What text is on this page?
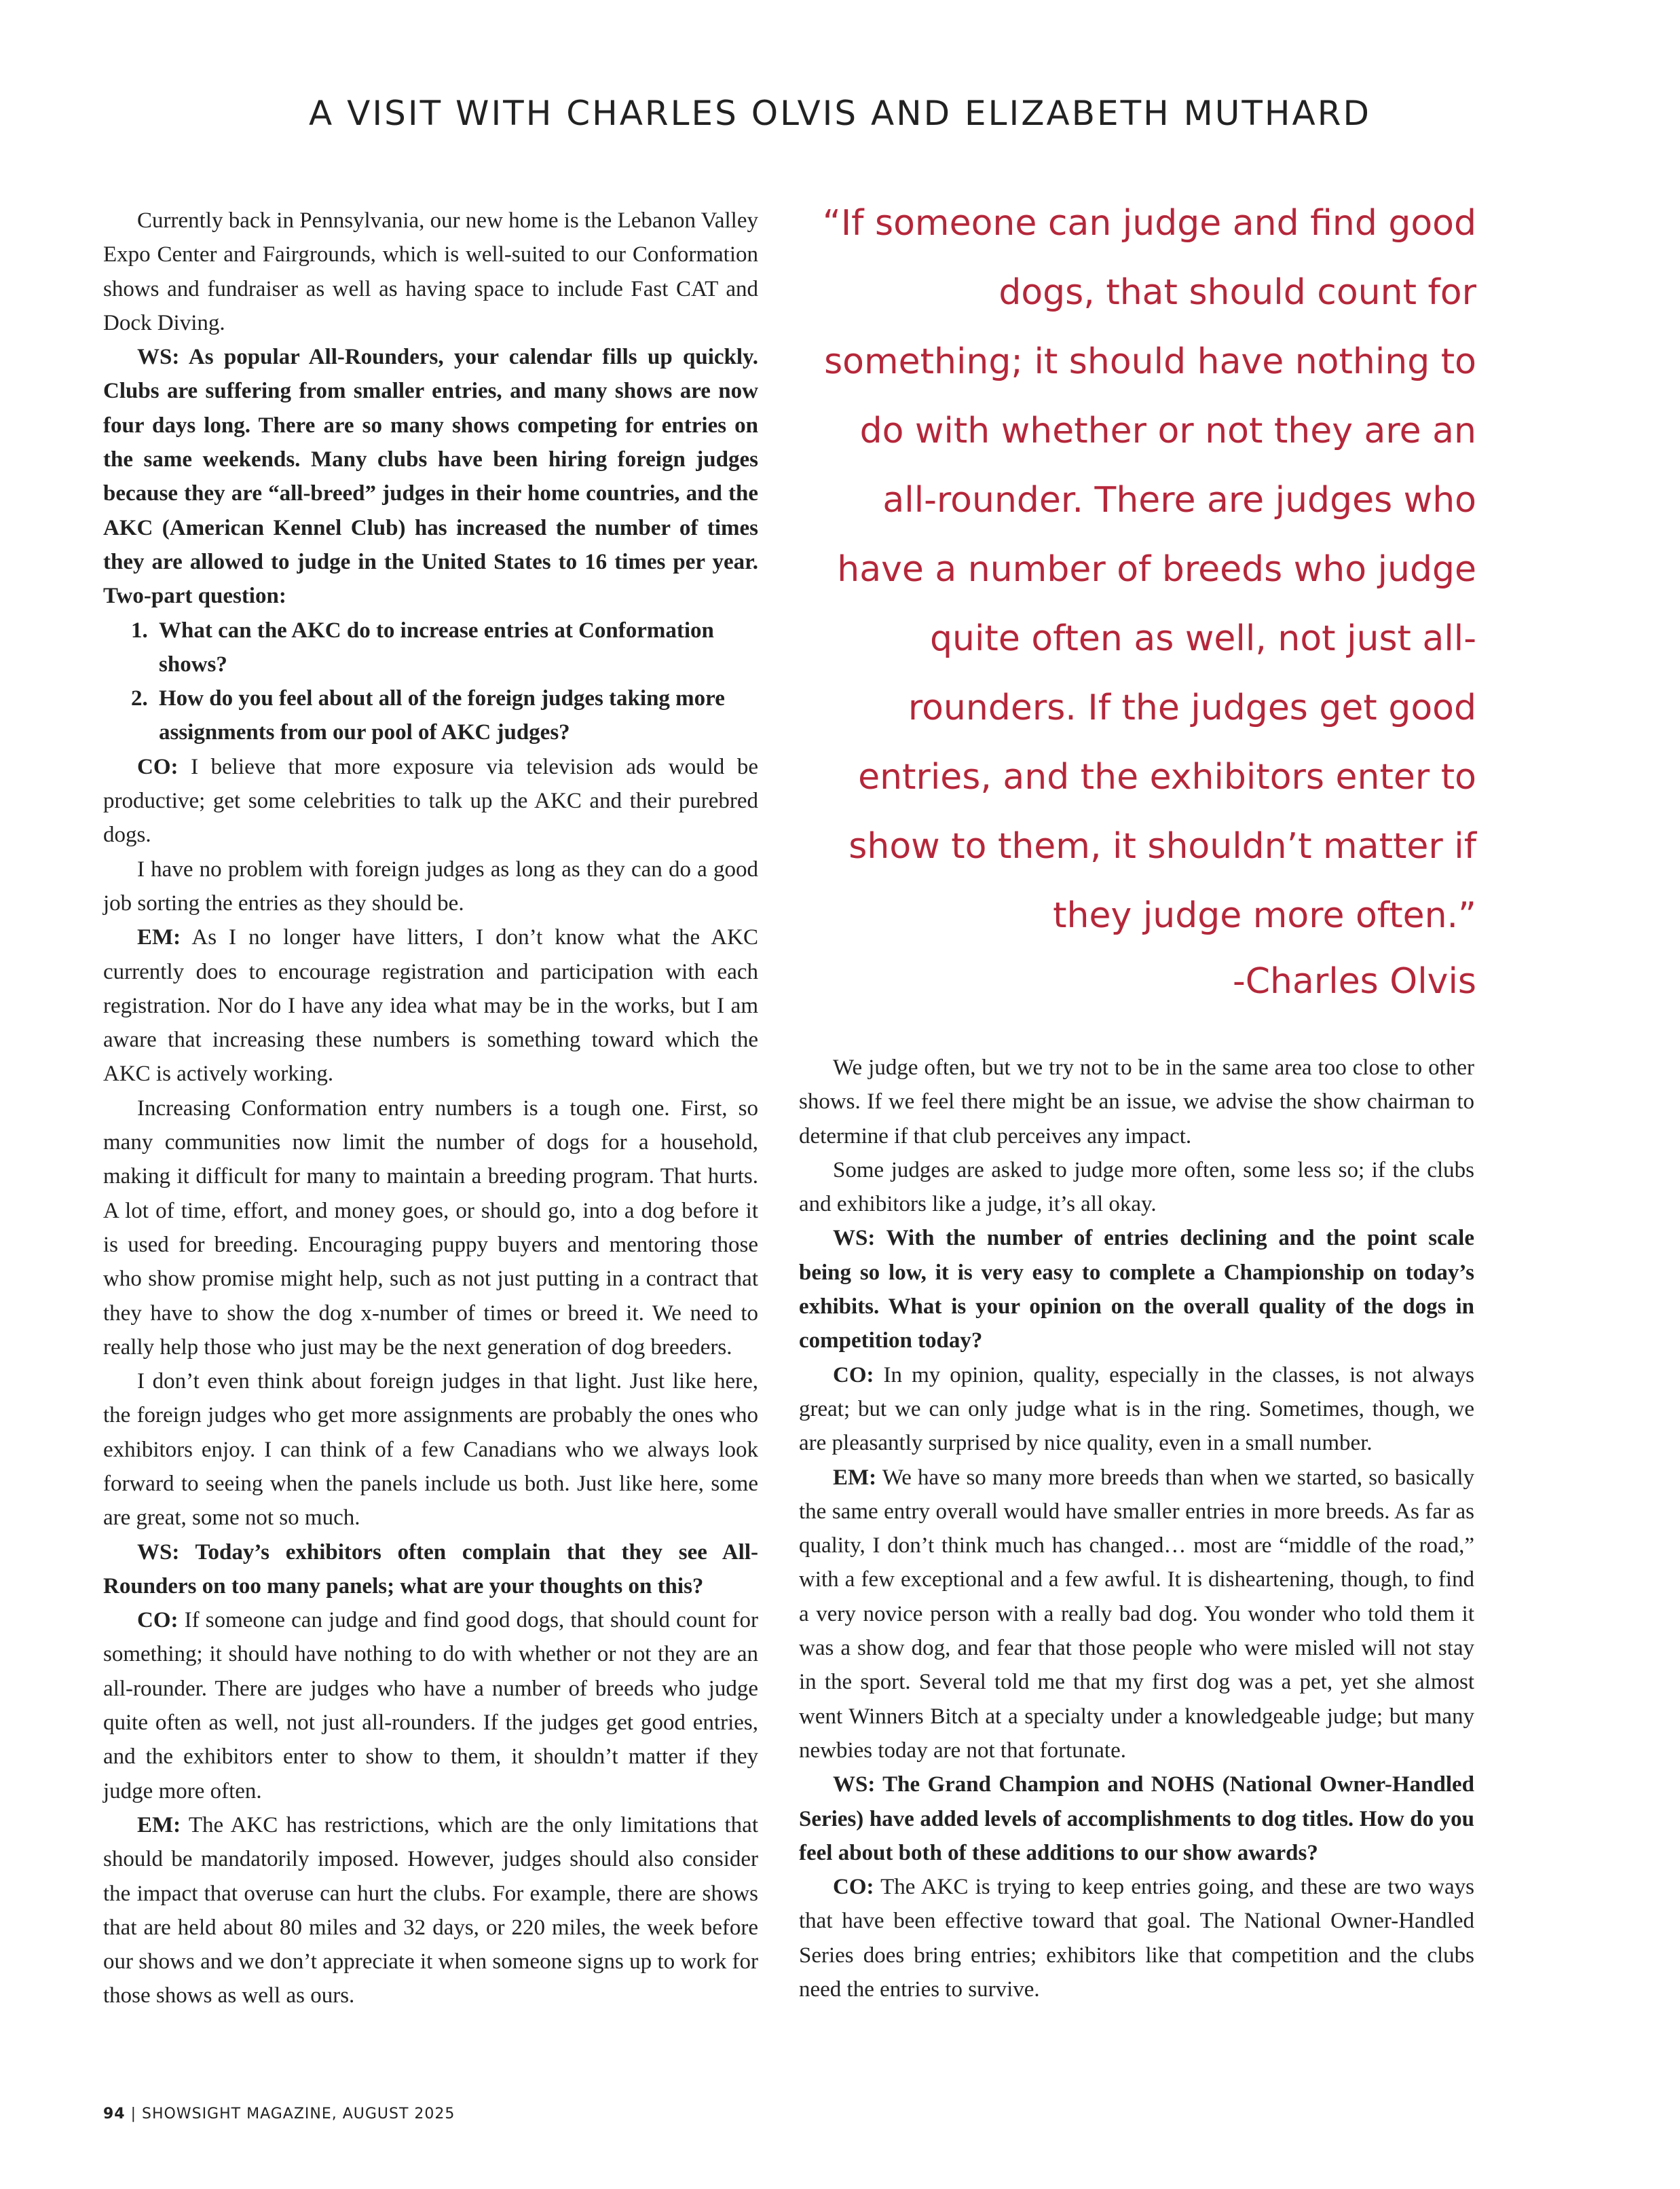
A VISIT WITH CHARLES OLVIS AND ELIZABETH MUTHARD

Currently back in Pennsylvania, our new home is the Lebanon Valley Expo Center and Fairgrounds, which is well-suited to our Conformation shows and fundraiser as well as having space to include Fast CAT and Dock Diving.

WS: As popular All-Rounders, your calendar fills up quickly. Clubs are suffering from smaller entries, and many shows are now four days long. There are so many shows competing for entries on the same weekends. Many clubs have been hiring foreign judges because they are “all-breed” judges in their home countries, and the AKC (American Kennel Club) has increased the number of times they are allowed to judge in the United States to 16 times per year. Two-part question:

1. What can the AKC do to increase entries at Conformation shows?
2. How do you feel about all of the foreign judges taking more assignments from our pool of AKC judges?

CO: I believe that more exposure via television ads would be productive; get some celebrities to talk up the AKC and their purebred dogs.

I have no problem with foreign judges as long as they can do a good job sorting the entries as they should be.

EM: As I no longer have litters, I don’t know what the AKC currently does to encourage registration and participation with each registration. Nor do I have any idea what may be in the works, but I am aware that increasing these numbers is something toward which the AKC is actively working.

Increasing Conformation entry numbers is a tough one. First, so many communities now limit the number of dogs for a household, making it difficult for many to maintain a breeding program. That hurts. A lot of time, effort, and money goes, or should go, into a dog before it is used for breeding. Encouraging puppy buyers and mentoring those who show promise might help, such as not just putting in a contract that they have to show the dog x-number of times or breed it. We need to really help those who just may be the next generation of dog breeders.

I don’t even think about foreign judges in that light. Just like here, the foreign judges who get more assignments are probably the ones who exhibitors enjoy. I can think of a few Canadians who we always look forward to seeing when the panels include us both. Just like here, some are great, some not so much.

WS: Today’s exhibitors often complain that they see All-Rounders on too many panels; what are your thoughts on this?

CO: If someone can judge and find good dogs, that should count for something; it should have nothing to do with whether or not they are an all-rounder. There are judges who have a number of breeds who judge quite often as well, not just all-rounders. If the judges get good entries, and the exhibitors enter to show to them, it shouldn’t matter if they judge more often.

EM: The AKC has restrictions, which are the only limitations that should be mandatorily imposed. However, judges should also consider the impact that overuse can hurt the clubs. For example, there are shows that are held about 80 miles and 32 days, or 220 miles, the week before our shows and we don’t appreciate it when someone signs up to work for those shows as well as ours.

“If someone can judge and find good dogs, that should count for something; it should have nothing to do with whether or not they are an all-rounder. There are judges who have a number of breeds who judge quite often as well, not just all-rounders. If the judges get good entries, and the exhibitors enter to show to them, it shouldn’t matter if they judge more often.”
-Charles Olvis

We judge often, but we try not to be in the same area too close to other shows. If we feel there might be an issue, we advise the show chairman to determine if that club perceives any impact.

Some judges are asked to judge more often, some less so; if the clubs and exhibitors like a judge, it’s all okay.

WS: With the number of entries declining and the point scale being so low, it is very easy to complete a Championship on today’s exhibits. What is your opinion on the overall quality of the dogs in competition today?

CO: In my opinion, quality, especially in the classes, is not always great; but we can only judge what is in the ring. Sometimes, though, we are pleasantly surprised by nice quality, even in a small number.

EM: We have so many more breeds than when we started, so basically the same entry overall would have smaller entries in more breeds. As far as quality, I don’t think much has changed… most are “middle of the road,” with a few exceptional and a few awful. It is disheartening, though, to find a very novice person with a really bad dog. You wonder who told them it was a show dog, and fear that those people who were misled will not stay in the sport. Several told me that my first dog was a pet, yet she almost went Winners Bitch at a specialty under a knowledgeable judge; but many newbies today are not that fortunate.

WS: The Grand Champion and NOHS (National Owner-Handled Series) have added levels of accomplishments to dog titles. How do you feel about both of these additions to our show awards?

CO: The AKC is trying to keep entries going, and these are two ways that have been effective toward that goal. The National Owner-Handled Series does bring entries; exhibitors like that competition and the clubs need the entries to survive.

94 | SHOWSIGHT MAGAZINE, AUGUST 2025
